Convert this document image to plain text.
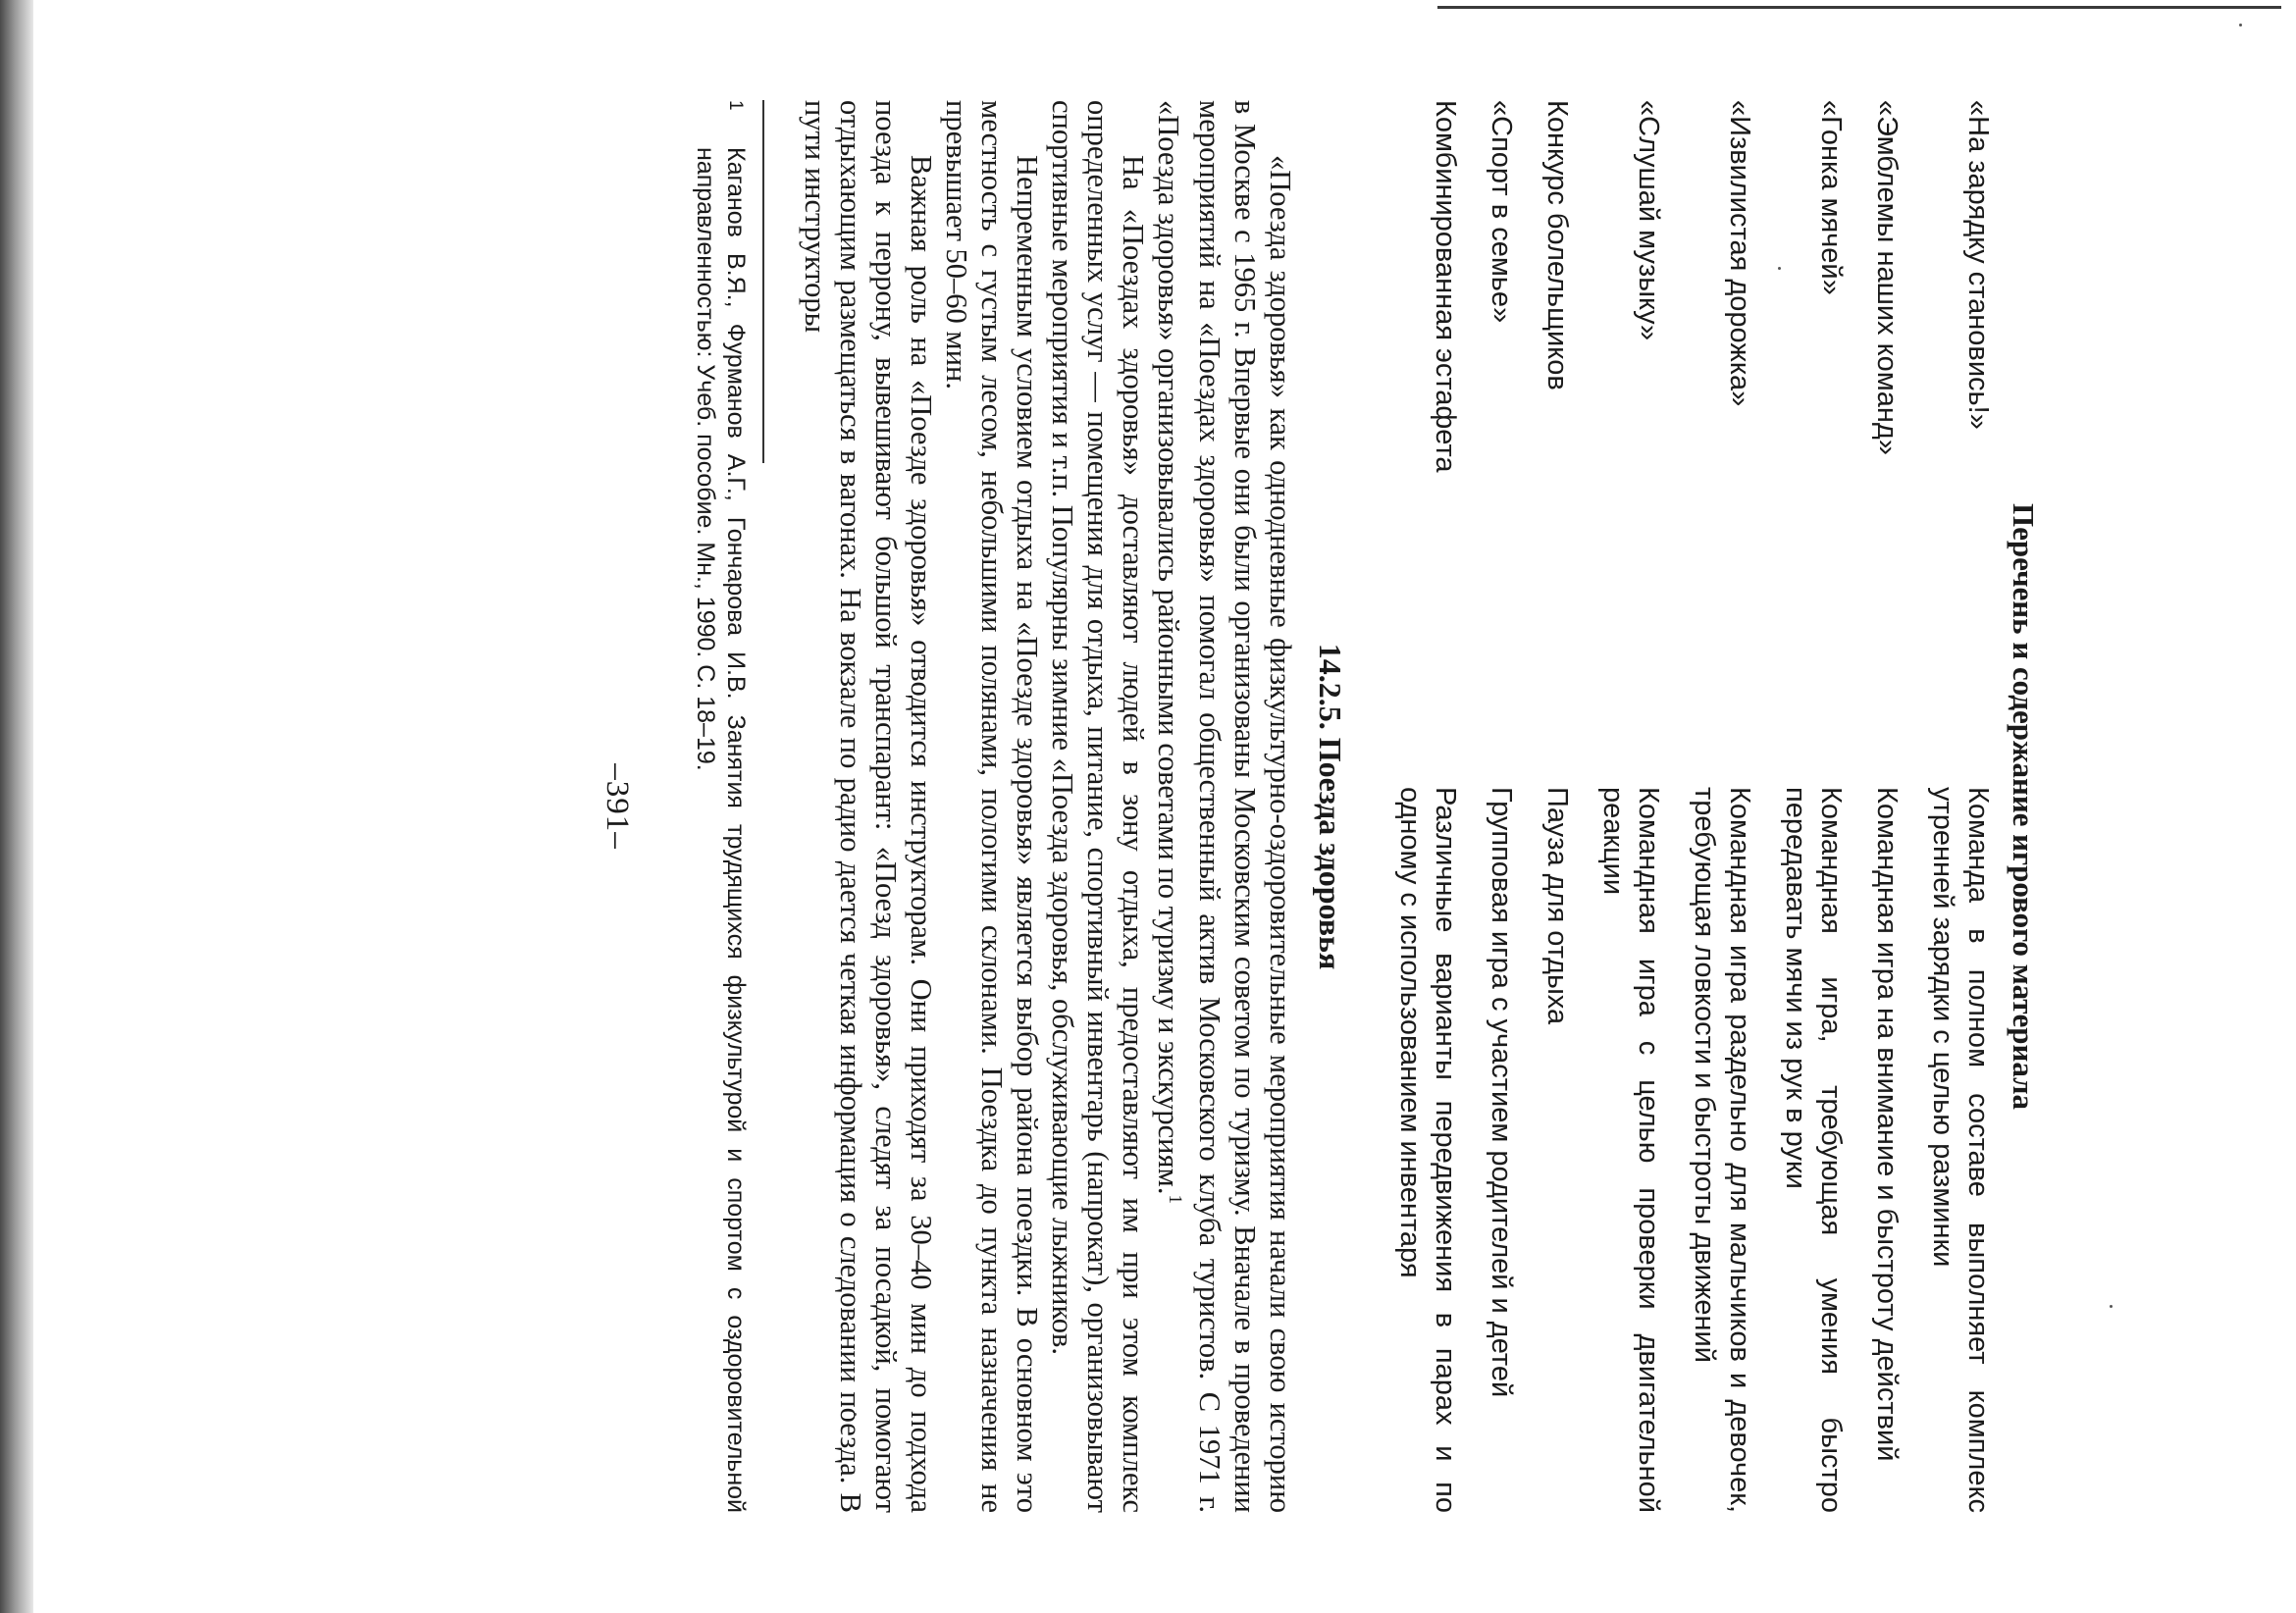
Перечень и содержание игрового материала
«На зарядку становись!»	Команда в полном составе выполняет комплекс утренней зарядки с целью разминки
«Эмблемы наших команд»	Командная игра на внимание и быстроту действий
«Гонка мячей»	Командная игра, требующая умения быстро передавать мячи из рук в руки
«Извилистая дорожка»	Командная игра раздельно для мальчиков и девочек, требующая ловкости и быстроты движений
«Слушай музыку»	Командная игра с целью проверки двигательной реакции
Конкурс болельщиков	Пауза для отдыха
«Спорт в семье»	Групповая игра с участием родителей и детей
Комбинированная эстафета	Различные варианты передвижения в парах и по одному с использованием инвентаря
14.2.5. Поезда здоровья

«Поезда здоровья» как однодневные физкультурно-оздоровительные мероприятия начали свою историю в Москве с 1965 г. Впервые они были организованы Московским советом по туризму. Вначале в проведении мероприятий на «Поездах здоровья» помогал общественный актив Московского клуба туристов. С 1971 г. «Поезда здоровья» организовывались районными советами по туризму и экскурсиям.$^1$

На «Поездах здоровья» доставляют людей в зону отдыха, предоставляют им при этом комплекс определенных услуг — помещения для отдыха, питание, спортивный инвентарь (напрокат), организовывают спортивные мероприятия и т.п. Популярны зимние «Поезда здоровья, обслуживающие лыжников.

Непременным условием отдыха на «Поезде здоровья» является выбор района поездки. В основном это местность с густым лесом, небольшими полянами, пологими склонами. Поездка до пункта назначения не превышает 50–60 мин.

Важная роль на «Поезде здоровья» отводится инструкторам. Они приходят за 30–40 мин до подхода поезда к перрону, вывешивают большой транспарант: «Поезд здоровья», следят за посадкой, помогают отдыхающим размещаться в вагонах. На вокзале по радио дается четкая информация о следовании поезда. В пути инструкторы

1
Каганов В.Я., Фурманов А.Г., Гончарова И.В. Занятия трудящихся физкультурой и спортом с оздоровительной направленностью: Учеб. пособие. Мн., 1990. С. 18–19.

–391–
